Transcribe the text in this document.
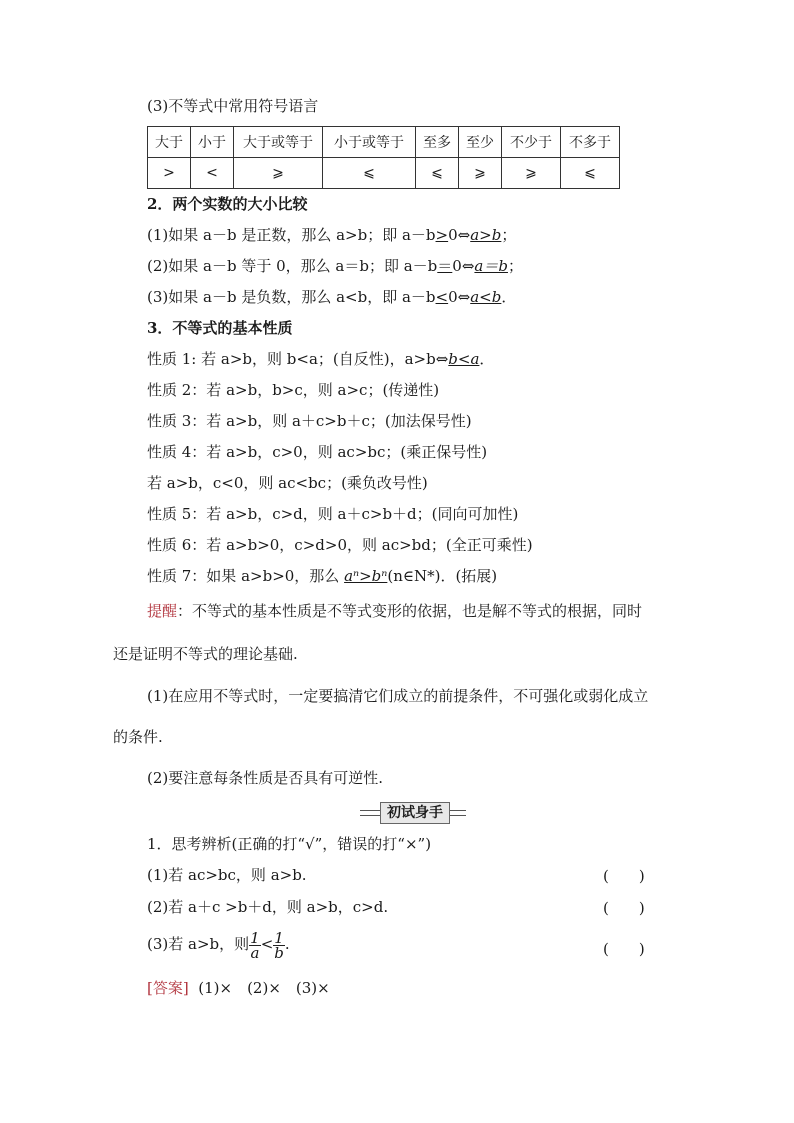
(3)不等式中常用符号语言
大于	小于	大于或等于	小于或等于	至多	至少	不少于	不多于
>	<	⩾	⩽	⩽	⩾	⩾	⩽
2．两个实数的大小比较
(1)如果 a－b 是正数，那么 a>b；即 a－b>0⇔a>b；
(2)如果 a－b 等于 0，那么 a＝b；即 a－b＝0⇔a＝b；
(3)如果 a－b 是负数，那么 a<b，即 a－b<0⇔a<b．
3．不等式的基本性质
性质 1: 若 a>b，则 b<a；(自反性)，a>b⇔b<a．
性质 2：若 a>b，b>c，则 a>c；(传递性)
性质 3：若 a>b，则 a＋c>b＋c；(加法保号性)
性质 4：若 a>b，c>0，则 ac>bc；(乘正保号性)
若 a>b，c<0，则 ac<bc；(乘负改号性)
性质 5：若 a>b，c>d，则 a＋c>b＋d；(同向可加性)
性质 6：若 a>b>0，c>d>0，则 ac>bd；(全正可乘性)
性质 7：如果 a>b>0，那么 aⁿ>bⁿ(n∈N*)．(拓展)
提醒：不等式的基本性质是不等式变形的依据，也是解不等式的根据，同时
还是证明不等式的理论基础.
(1)在应用不等式时，一定要搞清它们成立的前提条件，不可强化或弱化成立
的条件.
(2)要注意每条性质是否具有可逆性.
初试身手
1．思考辨析(正确的打“√”，错误的打“×”)
(1)若 ac>bc，则 a>b.	(　　)
(2)若 a＋c >b＋d，则 a>b，c>d.	(　　)
(3)若 a>b，则 $\frac{1}{a} < \frac{1}{b}$ .	(　　)
[答案] (1)×　(2)×　(3)×
